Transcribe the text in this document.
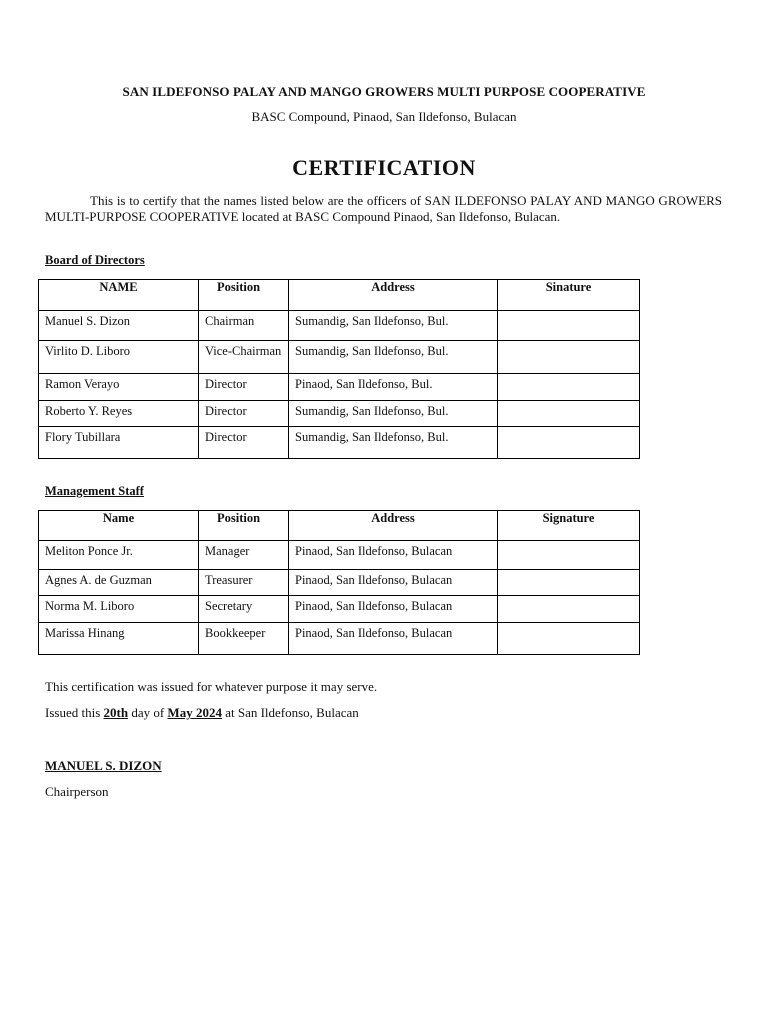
SAN ILDEFONSO PALAY AND MANGO GROWERS MULTI PURPOSE COOPERATIVE
BASC Compound, Pinaod, San Ildefonso, Bulacan
CERTIFICATION

This is to certify that the names listed below are the officers of SAN ILDEFONSO PALAY AND MANGO GROWERS MULTI-PURPOSE COOPERATIVE located at BASC Compound Pinaod, San Ildefonso, Bulacan.

Board of Directors
NAME	Position	Address	Sinature
Manuel S. Dizon	Chairman	Sumandig, San Ildefonso, Bul.	
Virlito D. Liboro	Vice-Chairman	Sumandig, San Ildefonso, Bul.	
Ramon Verayo	Director	Pinaod, San Ildefonso, Bul.	
Roberto Y. Reyes	Director	Sumandig, San Ildefonso, Bul.	
Flory Tubillara	Director	Sumandig, San Ildefonso, Bul.	
Management Staff
Name	Position	Address	Signature
Meliton Ponce Jr.	Manager	Pinaod, San Ildefonso, Bulacan	
Agnes A. de Guzman	Treasurer	Pinaod, San Ildefonso, Bulacan	
Norma M. Liboro	Secretary	Pinaod, San Ildefonso, Bulacan	
Marissa Hinang	Bookkeeper	Pinaod, San Ildefonso, Bulacan	
This certification was issued for whatever purpose it may serve.
Issued this 20th day of May 2024 at San Ildefonso, Bulacan
MANUEL S. DIZON
Chairperson
